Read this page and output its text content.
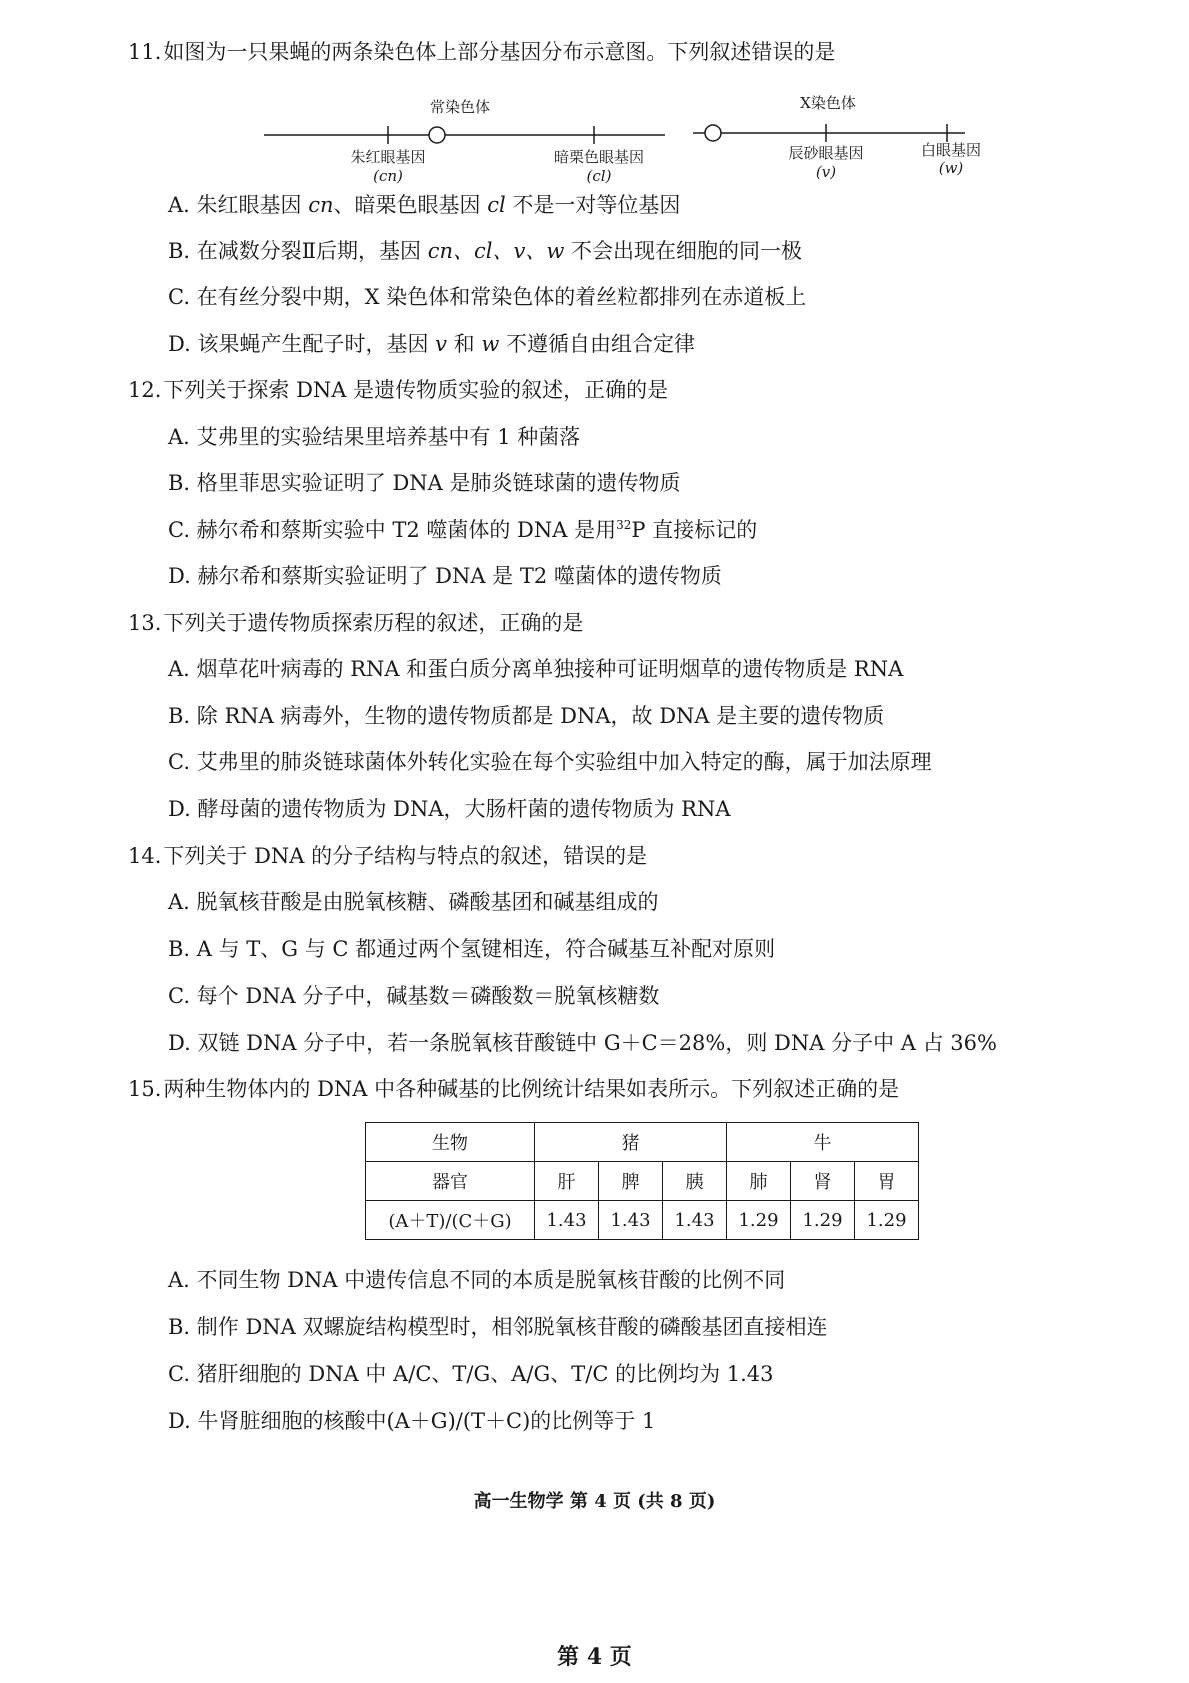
11.如图为一只果蝇的两条染色体上部分基因分布示意图。下列叙述错误的是
常染色体
朱红眼基因
(cn)
暗栗色眼基因
(cl)
X染色体
辰砂眼基因
(v)
白眼基因
(w)
A. 朱红眼基因 cn、暗栗色眼基因 cl 不是一对等位基因
B. 在减数分裂Ⅱ后期，基因 cn、cl、v、w 不会出现在细胞的同一极
C. 在有丝分裂中期，X 染色体和常染色体的着丝粒都排列在赤道板上
D. 该果蝇产生配子时，基因 v 和 w 不遵循自由组合定律
12.下列关于探索 DNA 是遗传物质实验的叙述，正确的是
A. 艾弗里的实验结果里培养基中有 1 种菌落
B. 格里菲思实验证明了 DNA 是肺炎链球菌的遗传物质
C. 赫尔希和蔡斯实验中 T2 噬菌体的 DNA 是用$^{32}$P 直接标记的
D. 赫尔希和蔡斯实验证明了 DNA 是 T2 噬菌体的遗传物质
13.下列关于遗传物质探索历程的叙述，正确的是
A. 烟草花叶病毒的 RNA 和蛋白质分离单独接种可证明烟草的遗传物质是 RNA
B. 除 RNA 病毒外，生物的遗传物质都是 DNA，故 DNA 是主要的遗传物质
C. 艾弗里的肺炎链球菌体外转化实验在每个实验组中加入特定的酶，属于加法原理
D. 酵母菌的遗传物质为 DNA，大肠杆菌的遗传物质为 RNA
14.下列关于 DNA 的分子结构与特点的叙述，错误的是
A. 脱氧核苷酸是由脱氧核糖、磷酸基团和碱基组成的
B. A 与 T、G 与 C 都通过两个氢键相连，符合碱基互补配对原则
C. 每个 DNA 分子中，碱基数＝磷酸数＝脱氧核糖数
D. 双链 DNA 分子中，若一条脱氧核苷酸链中 G＋C＝28%，则 DNA 分子中 A 占 36%
15.两种生物体内的 DNA 中各种碱基的比例统计结果如表所示。下列叙述正确的是
生物	猪			牛		
器官	肝	脾	胰	肺	肾	胃
(A＋T)/(C＋G)	1.43	1.43	1.43	1.29	1.29	1.29
A. 不同生物 DNA 中遗传信息不同的本质是脱氧核苷酸的比例不同
B. 制作 DNA 双螺旋结构模型时，相邻脱氧核苷酸的磷酸基团直接相连
C. 猪肝细胞的 DNA 中 A/C、T/G、A/G、T/C 的比例均为 1.43
D. 牛肾脏细胞的核酸中(A＋G)/(T＋C)的比例等于 1
高一生物学 第 4 页 (共 8 页)
第 4 页
